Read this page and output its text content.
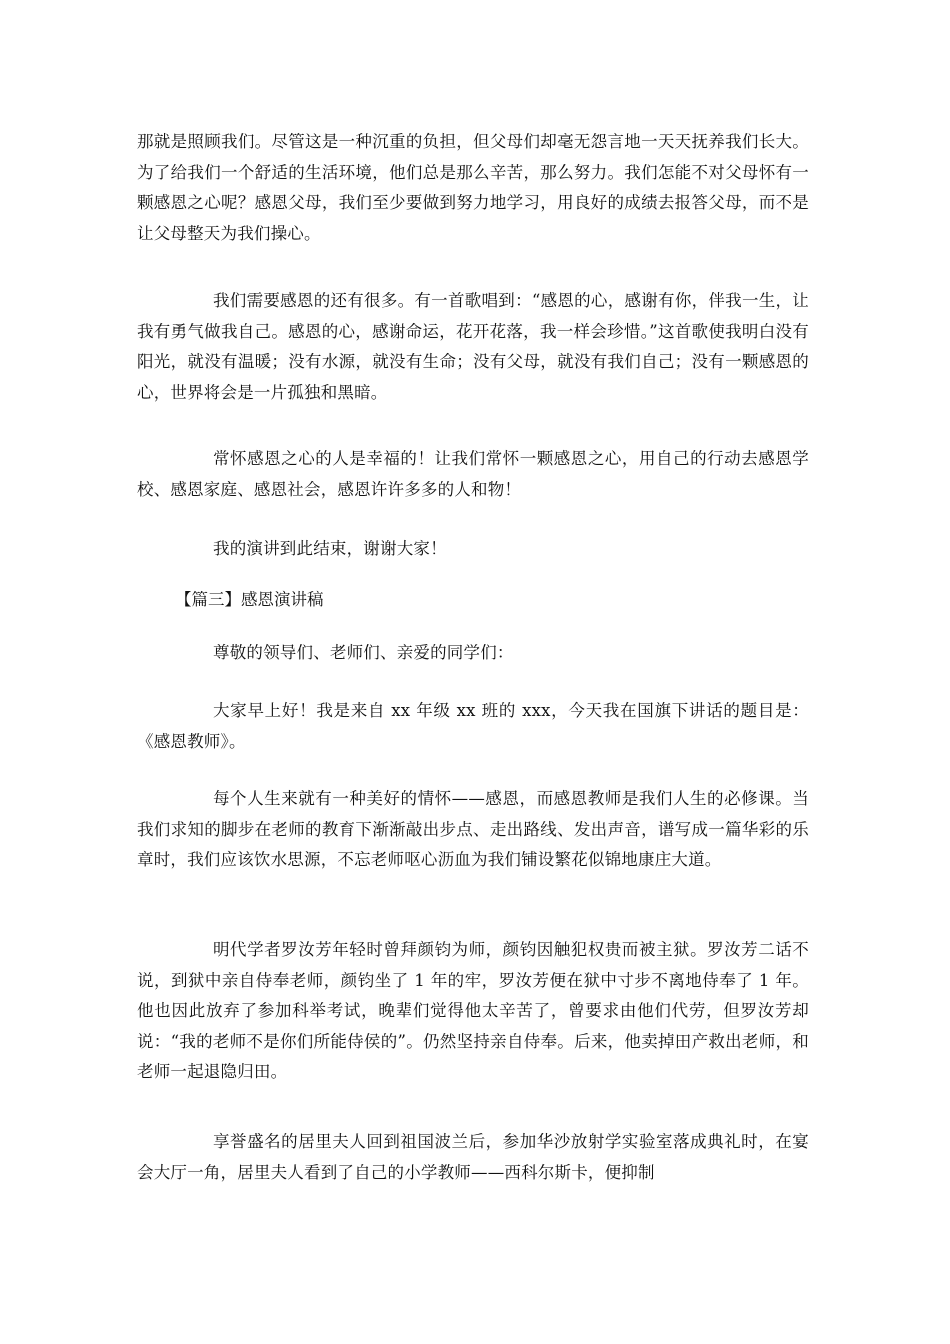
那就是照顾我们。尽管这是一种沉重的负担，但父母们却毫无怨言地一天天抚养我们长大。为了给我们一个舒适的生活环境，他们总是那么辛苦，那么努力。我们怎能不对父母怀有一颗感恩之心呢？感恩父母，我们至少要做到努力地学习，用良好的成绩去报答父母，而不是让父母整天为我们操心。

我们需要感恩的还有很多。有一首歌唱到：“感恩的心，感谢有你，伴我一生，让我有勇气做我自己。感恩的心，感谢命运，花开花落，我一样会珍惜。”这首歌使我明白没有阳光，就没有温暖；没有水源，就没有生命；没有父母，就没有我们自己；没有一颗感恩的心，世界将会是一片孤独和黑暗。

常怀感恩之心的人是幸福的！让我们常怀一颗感恩之心，用自己的行动去感恩学校、感恩家庭、感恩社会，感恩许许多多的人和物！

我的演讲到此结束，谢谢大家！

【篇三】感恩演讲稿

尊敬的领导们、老师们、亲爱的同学们：

大家早上好！我是来自 xx 年级 xx 班的 xxx，今天我在国旗下讲话的题目是：《感恩教师》。

每个人生来就有一种美好的情怀——感恩，而感恩教师是我们人生的必修课。当我们求知的脚步在老师的教育下渐渐敲出步点、走出路线、发出声音，谱写成一篇华彩的乐章时，我们应该饮水思源，不忘老师呕心沥血为我们铺设繁花似锦地康庄大道。

明代学者罗汝芳年轻时曾拜颜钧为师，颜钧因触犯权贵而被主狱。罗汝芳二话不说，到狱中亲自侍奉老师，颜钧坐了 1 年的牢，罗汝芳便在狱中寸步不离地侍奉了 1 年。他也因此放弃了参加科举考试，晚辈们觉得他太辛苦了，曾要求由他们代劳，但罗汝芳却说：“我的老师不是你们所能侍侯的”。仍然坚持亲自侍奉。后来，他卖掉田产救出老师，和老师一起退隐归田。

享誉盛名的居里夫人回到祖国波兰后，参加华沙放射学实验室落成典礼时，在宴会大厅一角，居里夫人看到了自己的小学教师——西科尔斯卡，便抑制
